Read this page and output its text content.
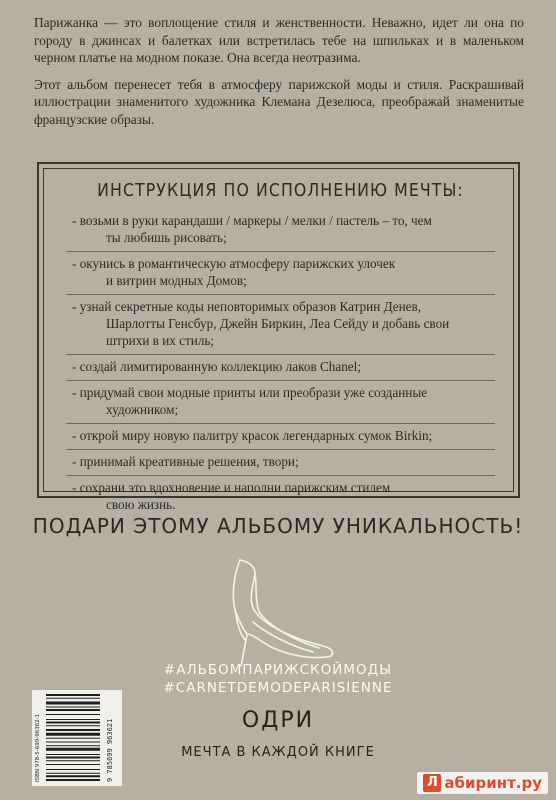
Парижанка — это воплощение стиля и женственности. Неважно, идет ли она по городу в джинсах и балетках или встретилась тебе на шпильках и в маленьком черном платье на модном показе. Она всегда неотразима.

Этот альбом перенесет тебя в атмосферу парижской моды и стиля. Раскрашивай иллюстрации знаменитого художника Клемана Дезелюса, преображай знаменитые французские образы.

ИНСТРУКЦИЯ ПО ИСПОЛНЕНИЮ МЕЧТЫ:
- возьми в руки карандаши / маркеры / мелки / пастель – то, чем
ты любишь рисовать;
- окунись в романтическую атмосферу парижских улочек
и витрин модных Домов;
- узнай секретные коды неповторимых образов Катрин Денев,
Шарлотты Генсбур, Джейн Биркин, Леа Сейду и добавь свои штрихи в их стиль;
- создай лимитированную коллекцию лаков Chanel;
- придумай свои модные принты или преобрази уже созданные
художником;
- открой миру новую палитру красок легендарных сумок Birkin;
- принимай креативные решения, твори;
- сохрани это вдохновение и наполни парижским стилем
свою жизнь.
ПОДАРИ ЭТОМУ АЛЬБОМУ УНИКАЛЬНОСТЬ!
#АЛЬБОМПАРИЖСКОЙМОДЫ
#CARNETDEMODEPARISIENNE
ОДРИ
МЕЧТА В КАЖДОЙ КНИГЕ
ISBN 978-5-699-96362-1	9 785699 963621
Л абиринт.ру
